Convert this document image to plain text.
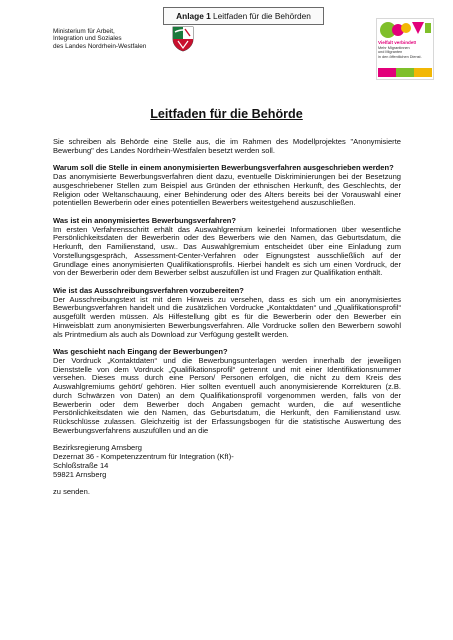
Anlage 1 Leitfaden für die Behörden
Ministerium für Arbeit,
Integration und Soziales
des Landes Nordrhein-Westfalen
Vielfalt verbindet!
Mehr Migrantinnen
und Migranten
in den öffentlichen Dienst.
Leitfaden für die Behörde

Sie schreiben als Behörde eine Stelle aus, die im Rahmen des Modellprojektes "Anonymisierte Bewerbung" des Landes Nordrhein-Westfalen besetzt werden soll.

Warum soll die Stelle in einem anonymisierten Bewerbungsverfahren ausgeschrieben werden?

Das anonymisierte Bewerbungsverfahren dient dazu, eventuelle Diskriminierungen bei der Besetzung ausgeschriebener Stellen zum Beispiel aus Gründen der ethnischen Herkunft, des Geschlechts, der Religion oder Weltanschauung, einer Behinderung oder des Alters bereits bei der Vorauswahl einer potentiellen Bewerberin oder eines potentiellen Bewerbers weitestgehend auszuschließen.

Was ist ein anonymisiertes Bewerbungsverfahren?

Im ersten Verfahrensschritt erhält das Auswahlgremium keinerlei Informationen über wesentliche Persönlichkeitsdaten der Bewerberin oder des Bewerbers wie den Namen, das Geburtsdatum, die Herkunft, den Familienstand, usw.. Das Auswahlgremium entscheidet über eine Einladung zum Vorstellungsgespräch, Assessment-Center-Verfahren oder Eignungstest ausschließlich auf der Grundlage eines anonymisierten Qualifikationsprofils. Hierbei handelt es sich um einen Vordruck, der von der Bewerberin oder dem Bewerber selbst auszufüllen ist und Fragen zur Qualifikation enthält.

Wie ist das Ausschreibungsverfahren vorzubereiten?

Der Ausschreibungstext ist mit dem Hinweis zu versehen, dass es sich um ein anonymisiertes Bewerbungsverfahren handelt und die zusätzlichen Vordrucke „Kontaktdaten“ und „Qualifikationsprofil“ ausgefüllt werden müssen. Als Hilfestellung gibt es für die Bewerberin oder den Bewerber ein Hinweisblatt zum anonymisierten Bewerbungsverfahren. Alle Vordrucke sollen den Bewerbern sowohl als Printmedium als auch als Download zur Verfügung gestellt werden.

Was geschieht nach Eingang der Bewerbungen?

Der Vordruck „Kontaktdaten“ und die Bewerbungsunterlagen werden innerhalb der jeweiligen Dienststelle von dem Vordruck „Qualifikationsprofil“ getrennt und mit einer Identifikationsnummer versehen. Dieses muss durch eine Person/ Personen erfolgen, die nicht zu dem Kreis des Auswahlgremiums gehört/ gehören. Hier sollten eventuell auch anonymisierende Korrekturen (z.B. durch Schwärzen von Daten) an dem Qualifikationsprofil vorgenommen werden, falls von der Bewerberin oder dem Bewerber doch Angaben gemacht wurden, die auf wesentliche Persönlichkeitsdaten wie den Namen, das Geburtsdatum, die Herkunft, den Familienstand usw. Rückschlüsse zulassen. Gleichzeitig ist der Erfassungsbogen für die statistische Auswertung des Bewerbungsverfahrens auszufüllen und an die

Bezirksregierung Arnsberg
Dezernat 36 - Kompetenzzentrum für Integration (KfI)-
Schloßstraße 14
59821 Arnsberg

zu senden.
